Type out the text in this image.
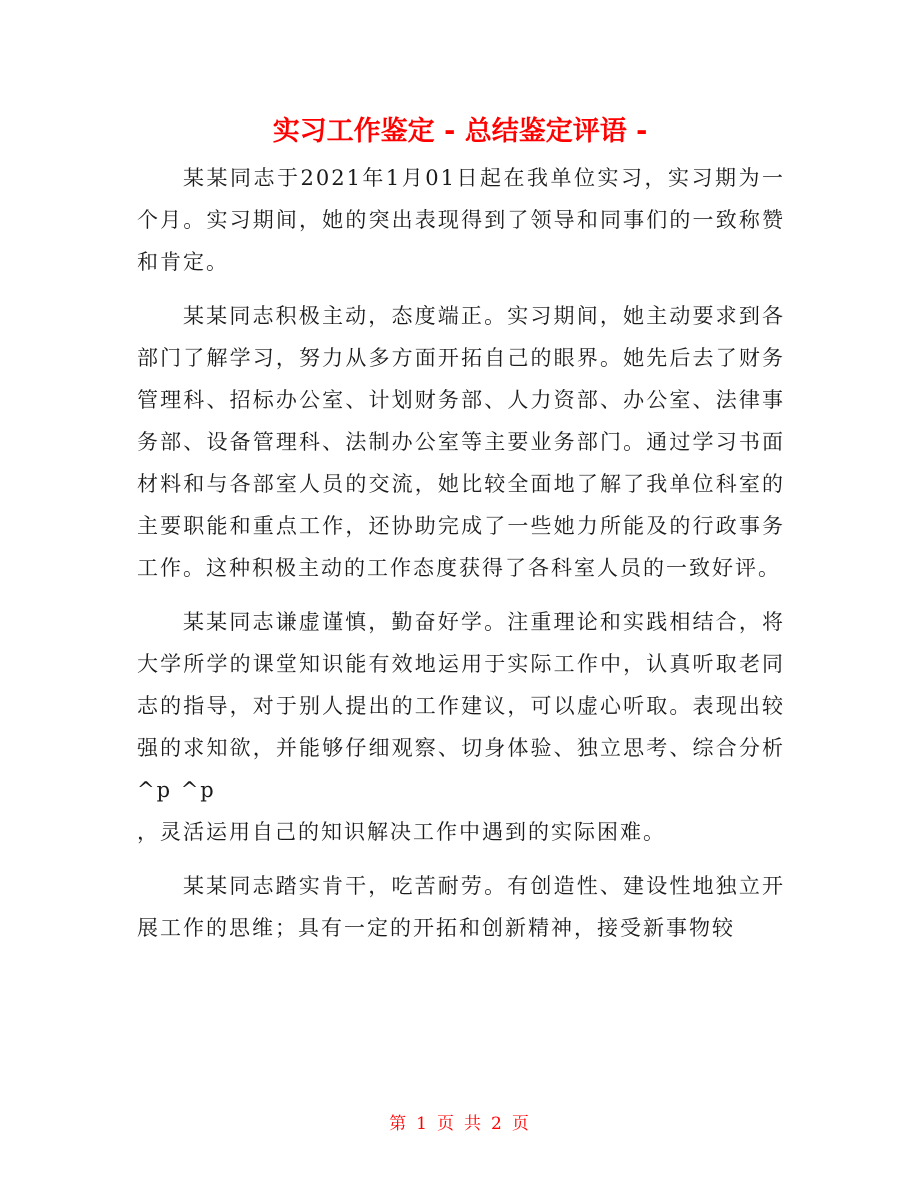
实习工作鉴定 - 总结鉴定评语 -

某某同志于2021年1月01日起在我单位实习，实习期为一个月。实习期间，她的突出表现得到了领导和同事们的一致称赞和肯定。

某某同志积极主动，态度端正。实习期间，她主动要求到各部门了解学习，努力从多方面开拓自己的眼界。她先后去了财务管理科、招标办公室、计划财务部、人力资部、办公室、法律事务部、设备管理科、法制办公室等主要业务部门。通过学习书面材料和与各部室人员的交流，她比较全面地了解了我单位科室的主要职能和重点工作，还协助完成了一些她力所能及的行政事务工作。这种积极主动的工作态度获得了各科室人员的一致好评。

某某同志谦虚谨慎，勤奋好学。注重理论和实践相结合，将大学所学的课堂知识能有效地运用于实际工作中，认真听取老同志的指导，对于别人提出的工作建议，可以虚心听取。表现出较强的求知欲，并能够仔细观察、切身体验、独立思考、综合分析^p ^p

，灵活运用自己的知识解决工作中遇到的实际困难。

某某同志踏实肯干，吃苦耐劳。有创造性、建设性地独立开展工作的思维；具有一定的开拓和创新精神，接受新事物较

第 1 页 共 2 页
